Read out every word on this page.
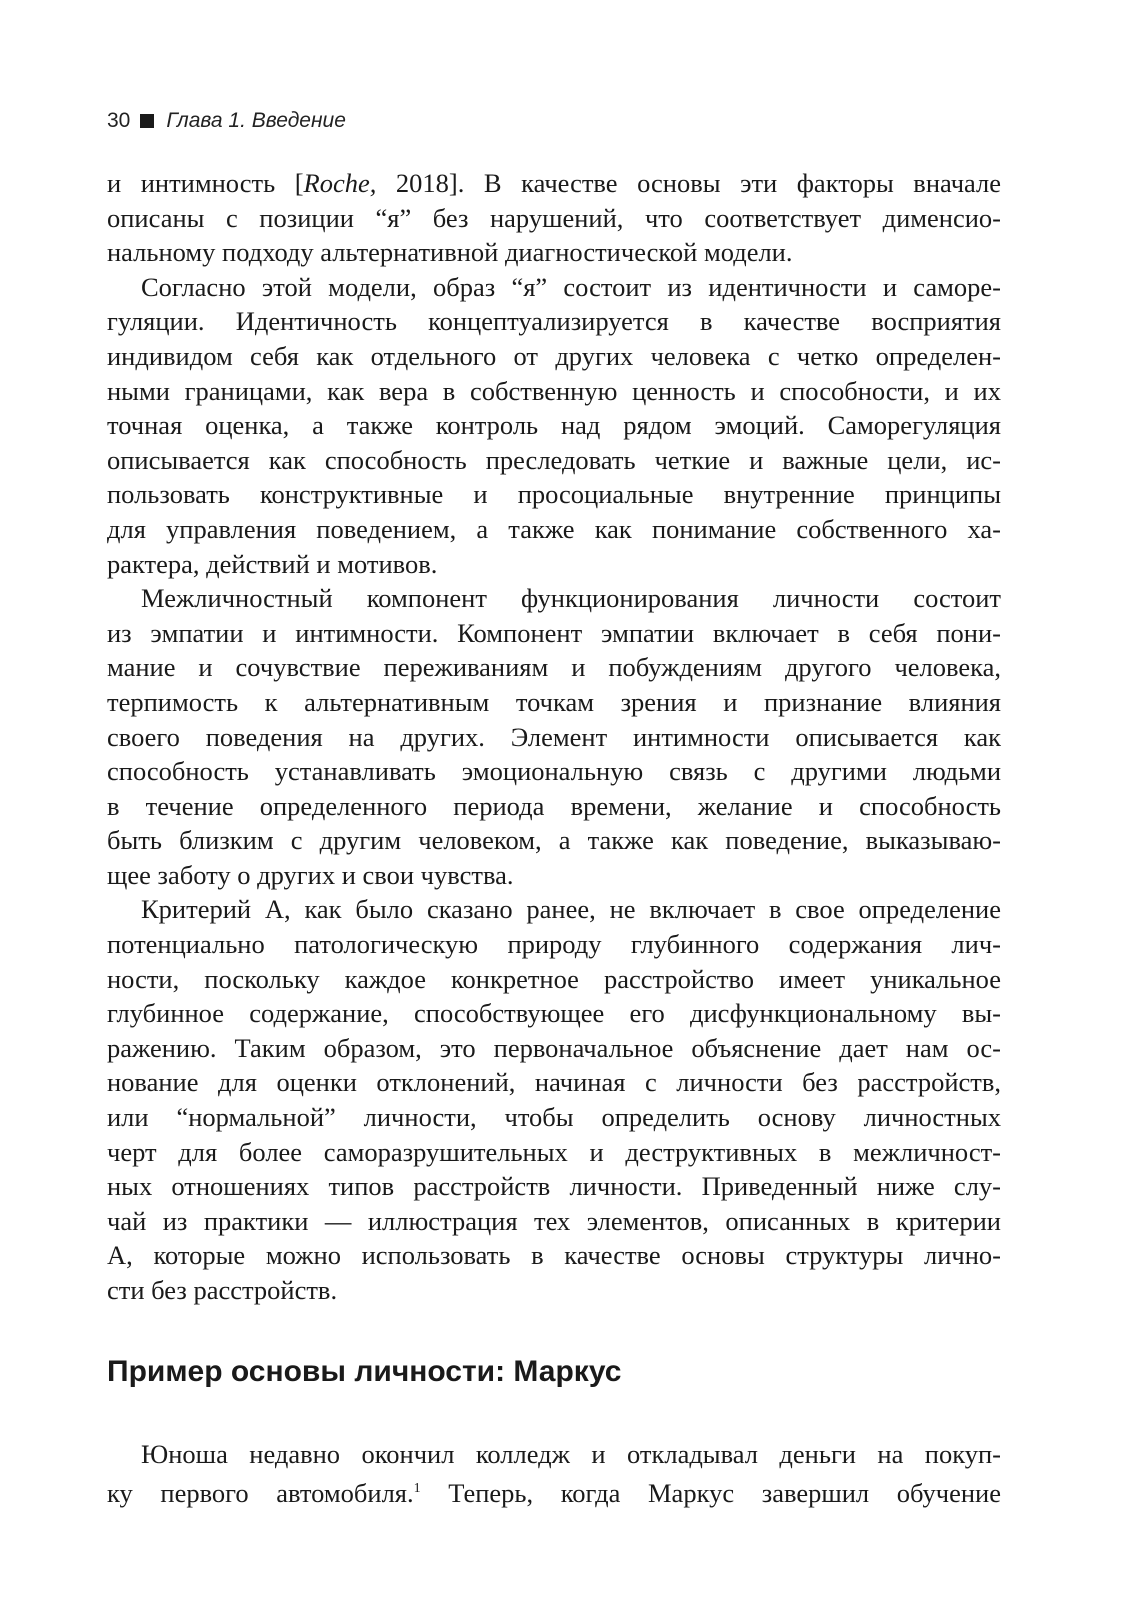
30 Глава 1. Введение
и интимность [Roche, 2018]. В качестве основы эти факторы вначале
описаны с позиции “я” без нарушений, что соответствует дименсио-
нальному подходу альтернативной диагностической модели.
Согласно этой модели, образ “я” состоит из идентичности и саморе-
гуляции. Идентичность концептуализируется в качестве восприятия
индивидом себя как отдельного от других человека с четко определен-
ными границами, как вера в собственную ценность и способности, и их
точная оценка, а также контроль над рядом эмоций. Саморегуляция
описывается как способность преследовать четкие и важные цели, ис-
пользовать конструктивные и просоциальные внутренние принципы
для управления поведением, а также как понимание собственного ха-
рактера, действий и мотивов.
Межличностный компонент функционирования личности состоит
из эмпатии и интимности. Компонент эмпатии включает в себя пони-
мание и сочувствие переживаниям и побуждениям другого человека,
терпимость к альтернативным точкам зрения и признание влияния
своего поведения на других. Элемент интимности описывается как
способность устанавливать эмоциональную связь с другими людьми
в течение определенного периода времени, желание и способность
быть близким с другим человеком, а также как поведение, выказываю-
щее заботу о других и свои чувства.
Критерий А, как было сказано ранее, не включает в свое определение
потенциально патологическую природу глубинного содержания лич-
ности, поскольку каждое конкретное расстройство имеет уникальное
глубинное содержание, способствующее его дисфункциональному вы-
ражению. Таким образом, это первоначальное объяснение дает нам ос-
нование для оценки отклонений, начиная с личности без расстройств,
или “нормальной” личности, чтобы определить основу личностных
черт для более саморазрушительных и деструктивных в межличност-
ных отношениях типов расстройств личности. Приведенный ниже слу-
чай из практики — иллюстрация тех элементов, описанных в критерии
А, которые можно использовать в качестве основы структуры лично-
сти без расстройств.
Пример основы личности: Маркус
Юноша недавно окончил колледж и откладывал деньги на покуп-
ку первого автомобиля.$^1$ Теперь, когда Маркус завершил обучение
